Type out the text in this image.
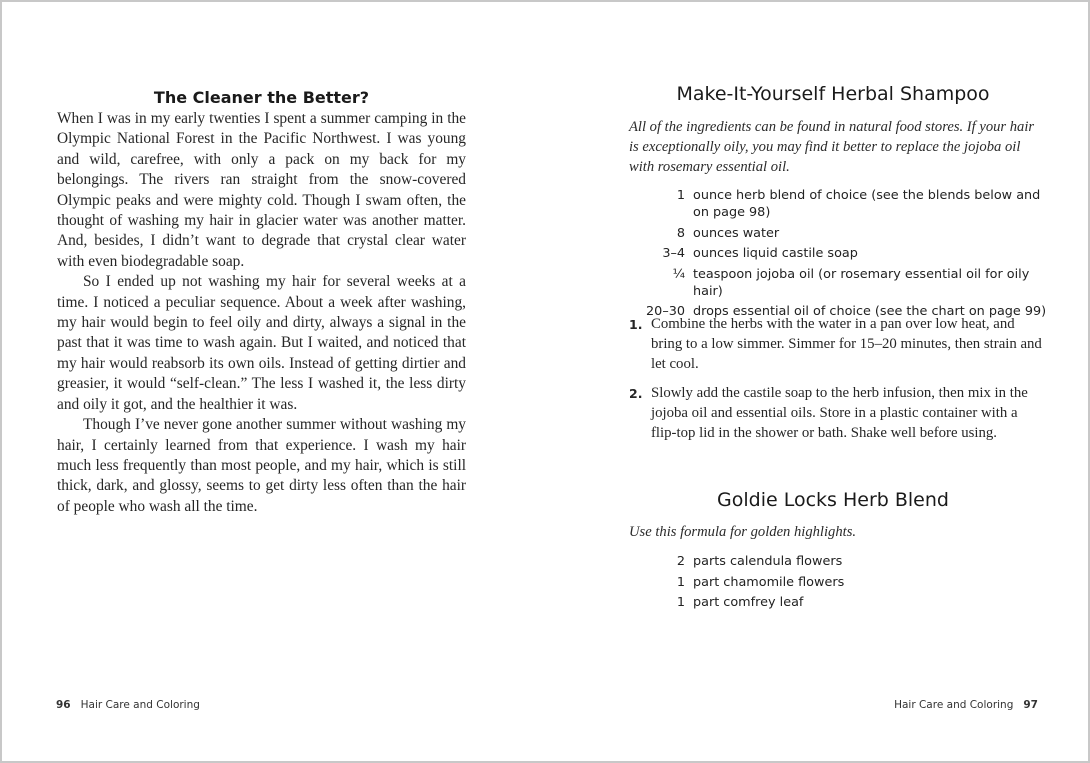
The Cleaner the Better?

When I was in my early twenties I spent a summer camping in the Olympic National Forest in the Pacific Northwest. I was young and wild, carefree, with only a pack on my back for my belongings. The rivers ran straight from the snow-covered Olympic peaks and were mighty cold. Though I swam often, the thought of washing my hair in glacier water was another matter. And, besides, I didn’t want to degrade that crystal clear water with even biodegradable soap.

So I ended up not washing my hair for several weeks at a time. I noticed a peculiar sequence. About a week after washing, my hair would begin to feel oily and dirty, always a signal in the past that it was time to wash again. But I waited, and noticed that my hair would reabsorb its own oils. Instead of getting dirtier and greasier, it would “self-clean.” The less I washed it, the less dirty and oily it got, and the healthier it was.

Though I’ve never gone another summer without washing my hair, I certainly learned from that experience. I wash my hair much less frequently than most people, and my hair, which is still thick, dark, and glossy, seems to get dirty less often than the hair of people who wash all the time.

96 Hair Care and Coloring
Make-It-Yourself Herbal Shampoo

All of the ingredients can be found in natural food stores. If your hair is exceptionally oily, you may find it better to replace the jojoba oil with rosemary essential oil.

1 ounce herb blend of choice (see the blends below and on page 98)
8 ounces water
3–4 ounces liquid castile soap
¼ teaspoon jojoba oil (or rosemary essential oil for oily hair)
20–30 drops essential oil of choice (see the chart on page 99)
1. Combine the herbs with the water in a pan over low heat, and bring to a low simmer. Simmer for 15–20 minutes, then strain and let cool.
2. Slowly add the castile soap to the herb infusion, then mix in the jojoba oil and essential oils. Store in a plastic container with a flip-top lid in the shower or bath. Shake well before using.
Goldie Locks Herb Blend

Use this formula for golden highlights.

2 parts calendula flowers
1 part chamomile flowers
1 part comfrey leaf
Hair Care and Coloring 97
